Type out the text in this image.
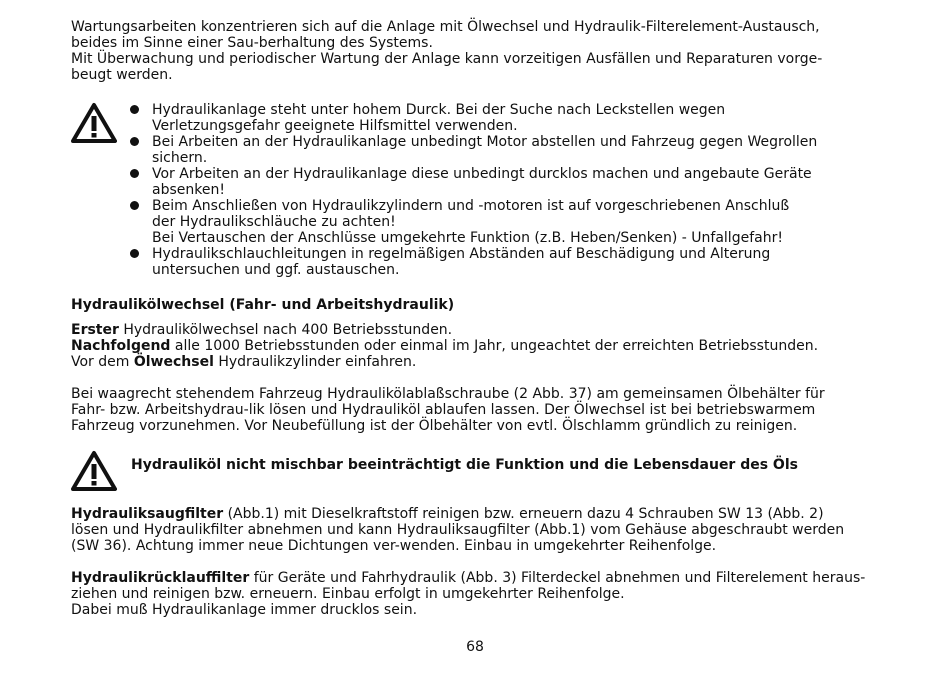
Wartungsarbeiten konzentrieren sich auf die Anlage mit Ölwechsel und Hydraulik-Filterelement-Austausch,
beides im Sinne einer Sau-berhaltung des Systems.
Mit Überwachung und periodischer Wartung der Anlage kann vorzeitigen Ausfällen und Reparaturen vorge-
beugt werden.

Hydraulikanlage steht unter hohem Durck. Bei der Suche nach Leckstellen wegen
Verletzungsgefahr geeignete Hilfsmittel verwenden.
Bei Arbeiten an der Hydraulikanlage unbedingt Motor abstellen und Fahrzeug gegen Wegrollen
sichern.
Vor Arbeiten an der Hydraulikanlage diese unbedingt durcklos machen und angebaute Geräte
absenken!
Beim Anschließen von Hydraulikzylindern und -motoren ist auf vorgeschriebenen Anschluß
der Hydraulikschläuche zu achten!
Bei Vertauschen der Anschlüsse umgekehrte Funktion (z.B. Heben/Senken) - Unfallgefahr!
Hydraulikschlauchleitungen in regelmäßigen Abständen auf Beschädigung und Alterung
untersuchen und ggf. austauschen.

Hydraulikölwechsel (Fahr- und Arbeitshydraulik)

Erster Hydraulikölwechsel nach 400 Betriebsstunden.
Nachfolgend alle 1000 Betriebsstunden oder einmal im Jahr, ungeachtet der erreichten Betriebsstunden.
Vor dem Ölwechsel Hydraulikzylinder einfahren.

Bei waagrecht stehendem Fahrzeug Hydraulikölablaßschraube (2 Abb. 37) am gemeinsamen Ölbehälter für
Fahr- bzw. Arbeitshydrau-lik lösen und Hydrauliköl ablaufen lassen. Der Ölwechsel ist bei betriebswarmem
Fahrzeug vorzunehmen. Vor Neubefüllung ist der Ölbehälter von evtl. Ölschlamm gründlich zu reinigen.

Hydrauliköl nicht mischbar beeinträchtigt die Funktion und die Lebensdauer des Öls

Hydrauliksaugfilter (Abb.1) mit Dieselkraftstoff reinigen bzw. erneuern dazu 4 Schrauben SW 13 (Abb. 2)
lösen und Hydraulikfilter abnehmen und kann Hydrauliksaugfilter (Abb.1) vom Gehäuse abgeschraubt werden
(SW 36). Achtung immer neue Dichtungen ver-wenden. Einbau in umgekehrter Reihenfolge.

Hydraulikrücklauffilter für Geräte und Fahrhydraulik (Abb. 3) Filterdeckel abnehmen und Filterelement heraus-
ziehen und reinigen bzw. erneuern. Einbau erfolgt in umgekehrter Reihenfolge.
Dabei muß Hydraulikanlage immer drucklos sein.

68
